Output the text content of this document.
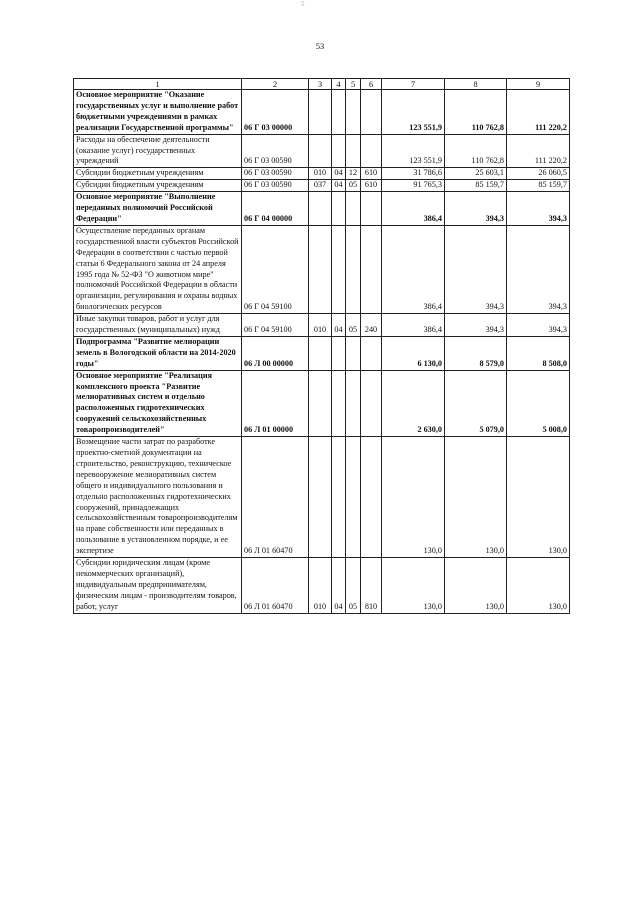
5
53
1	2	3	4	5	6	7	8	9
Основное мероприятие "Оказание государственных услуг и выполнение работ бюджетными учреждениями в рамках реализации Государственной программы"	06 Г 03 00000					123 551,9	110 762,8	111 220,2
Расходы на обеспечение деятельности (оказание услуг) государственных учреждений	06 Г 03 00590					123 551,9	110 762,8	111 220,2
Субсидии бюджетным учреждениям	06 Г 03 00590	010	04	12	610	31 786,6	25 603,1	26 060,5
Субсидии бюджетным учреждениям	06 Г 03 00590	037	04	05	610	91 765,3	85 159,7	85 159,7
Основное мероприятие "Выполнение переданных полномочий Российской Федерации"	06 Г 04 00000					386,4	394,3	394,3
Осуществление переданных органам государственной власти субъектов Российской Федерации в соответствии с частью первой статьи 6 Федерального закона от 24 апреля 1995 года № 52-ФЗ "О животном мире" полномочий Российской Федерации в области организации, регулирования и охраны водных биологических ресурсов	06 Г 04 59100					386,4	394,3	394,3
Иные закупки товаров, работ и услуг для государственных (муниципальных) нужд	06 Г 04 59100	010	04	05	240	386,4	394,3	394,3
Подпрограмма "Развитие мелиорации земель в Вологодской области на 2014-2020 годы"	06 Л 00 00000					6 130,0	8 579,0	8 508,0
Основное мероприятие "Реализация комплексного проекта "Развитие мелиоративных систем и отдельно расположенных гидротехнических сооружений сельскохозяйственных товаропроизводителей"	06 Л 01 00000					2 630,0	5 079,0	5 008,0
Возмещение части затрат по разработке проектно-сметной документации на строительство, реконструкцию, техническое перевооружение мелиоративных систем общего и индивидуального пользования и отдельно расположенных гидротехнических сооружений, принадлежащих сельскохозяйственным товаропроизводителям на праве собственности или переданных в пользование в установленном порядке, и ее экспертизе	06 Л 01 60470					130,0	130,0	130,0
Субсидии юридическим лицам (кроме некоммерческих организаций), индивидуальным предпринимателям, физическим лицам - производителям товаров, работ, услуг	06 Л 01 60470	010	04	05	810	130,0	130,0	130,0
